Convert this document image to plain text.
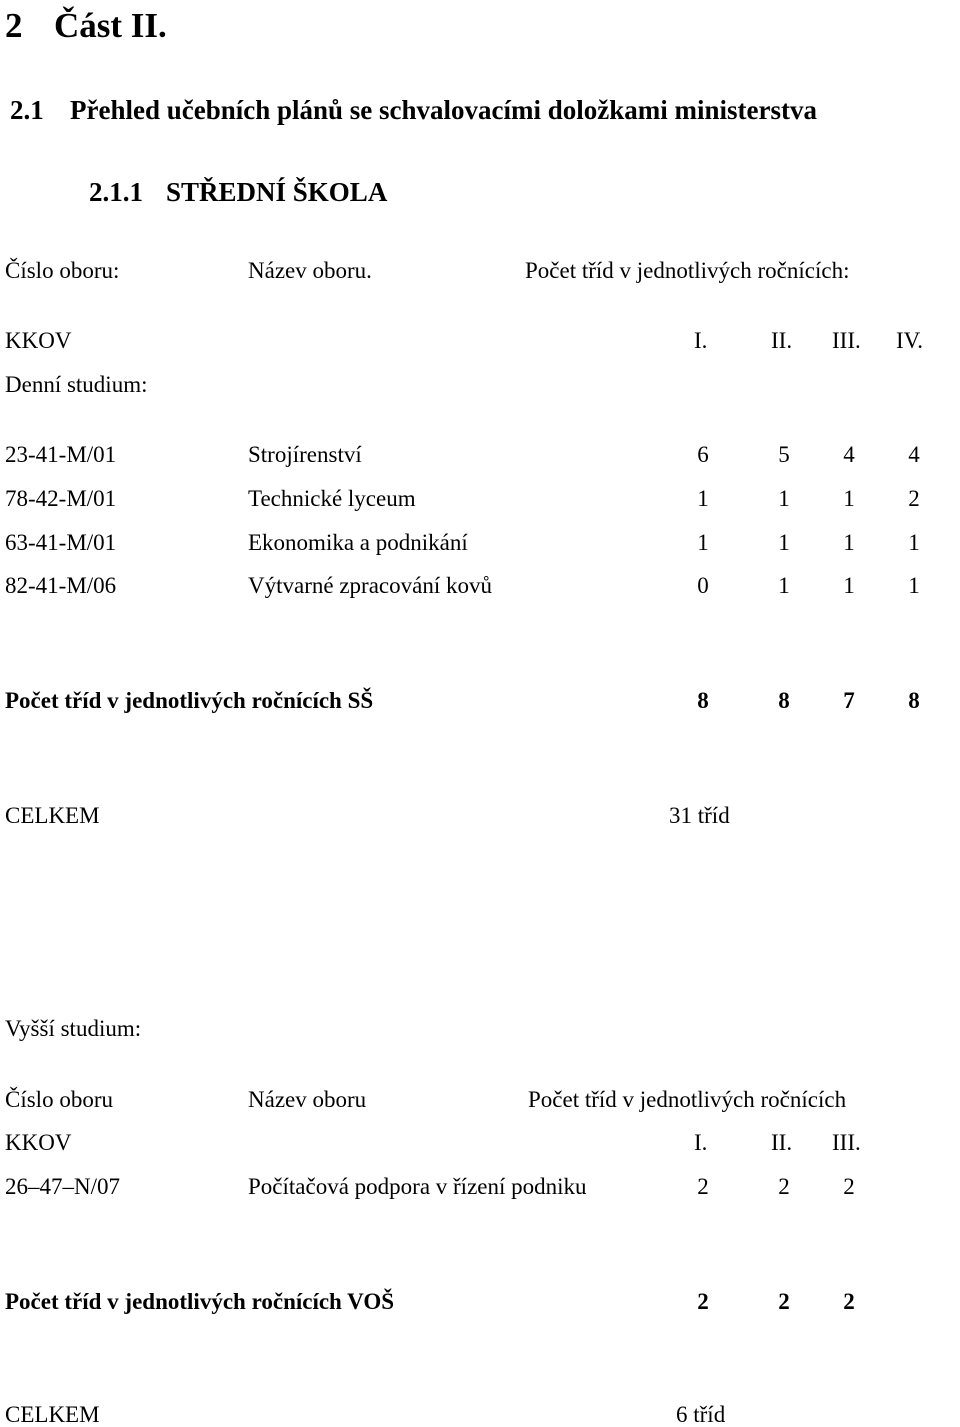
2 Část II.
2.1 Přehled učebních plánů se schvalovacími doložkami ministerstva
2.1.1 STŘEDNÍ ŠKOLA
Číslo oboru:	Název oboru.	Počet tříd v jednotlivých ročnících:
KKOV	I.	II. III. IV.
Denní studium:
23-41-M/01	Strojírenství	6	5	4	4
78-42-M/01	Technické lyceum	1	1	1	2
63-41-M/01	Ekonomika a podnikání	1	1	1	1
82-41-M/06	Výtvarné zpracování kovů	0	1	1	1
Počet tříd v jednotlivých ročnících SŠ	8	8	7	8
CELKEM	31 tříd
Vyšší studium:
Číslo oboru	Název oboru	Počet tříd v jednotlivých ročnících
KKOV	I.	II. III.
26–47–N/07	Počítačová podpora v řízení podniku	2	2	2
Počet tříd v jednotlivých ročnících VOŠ	2	2	2
CELKEM	6 tříd
